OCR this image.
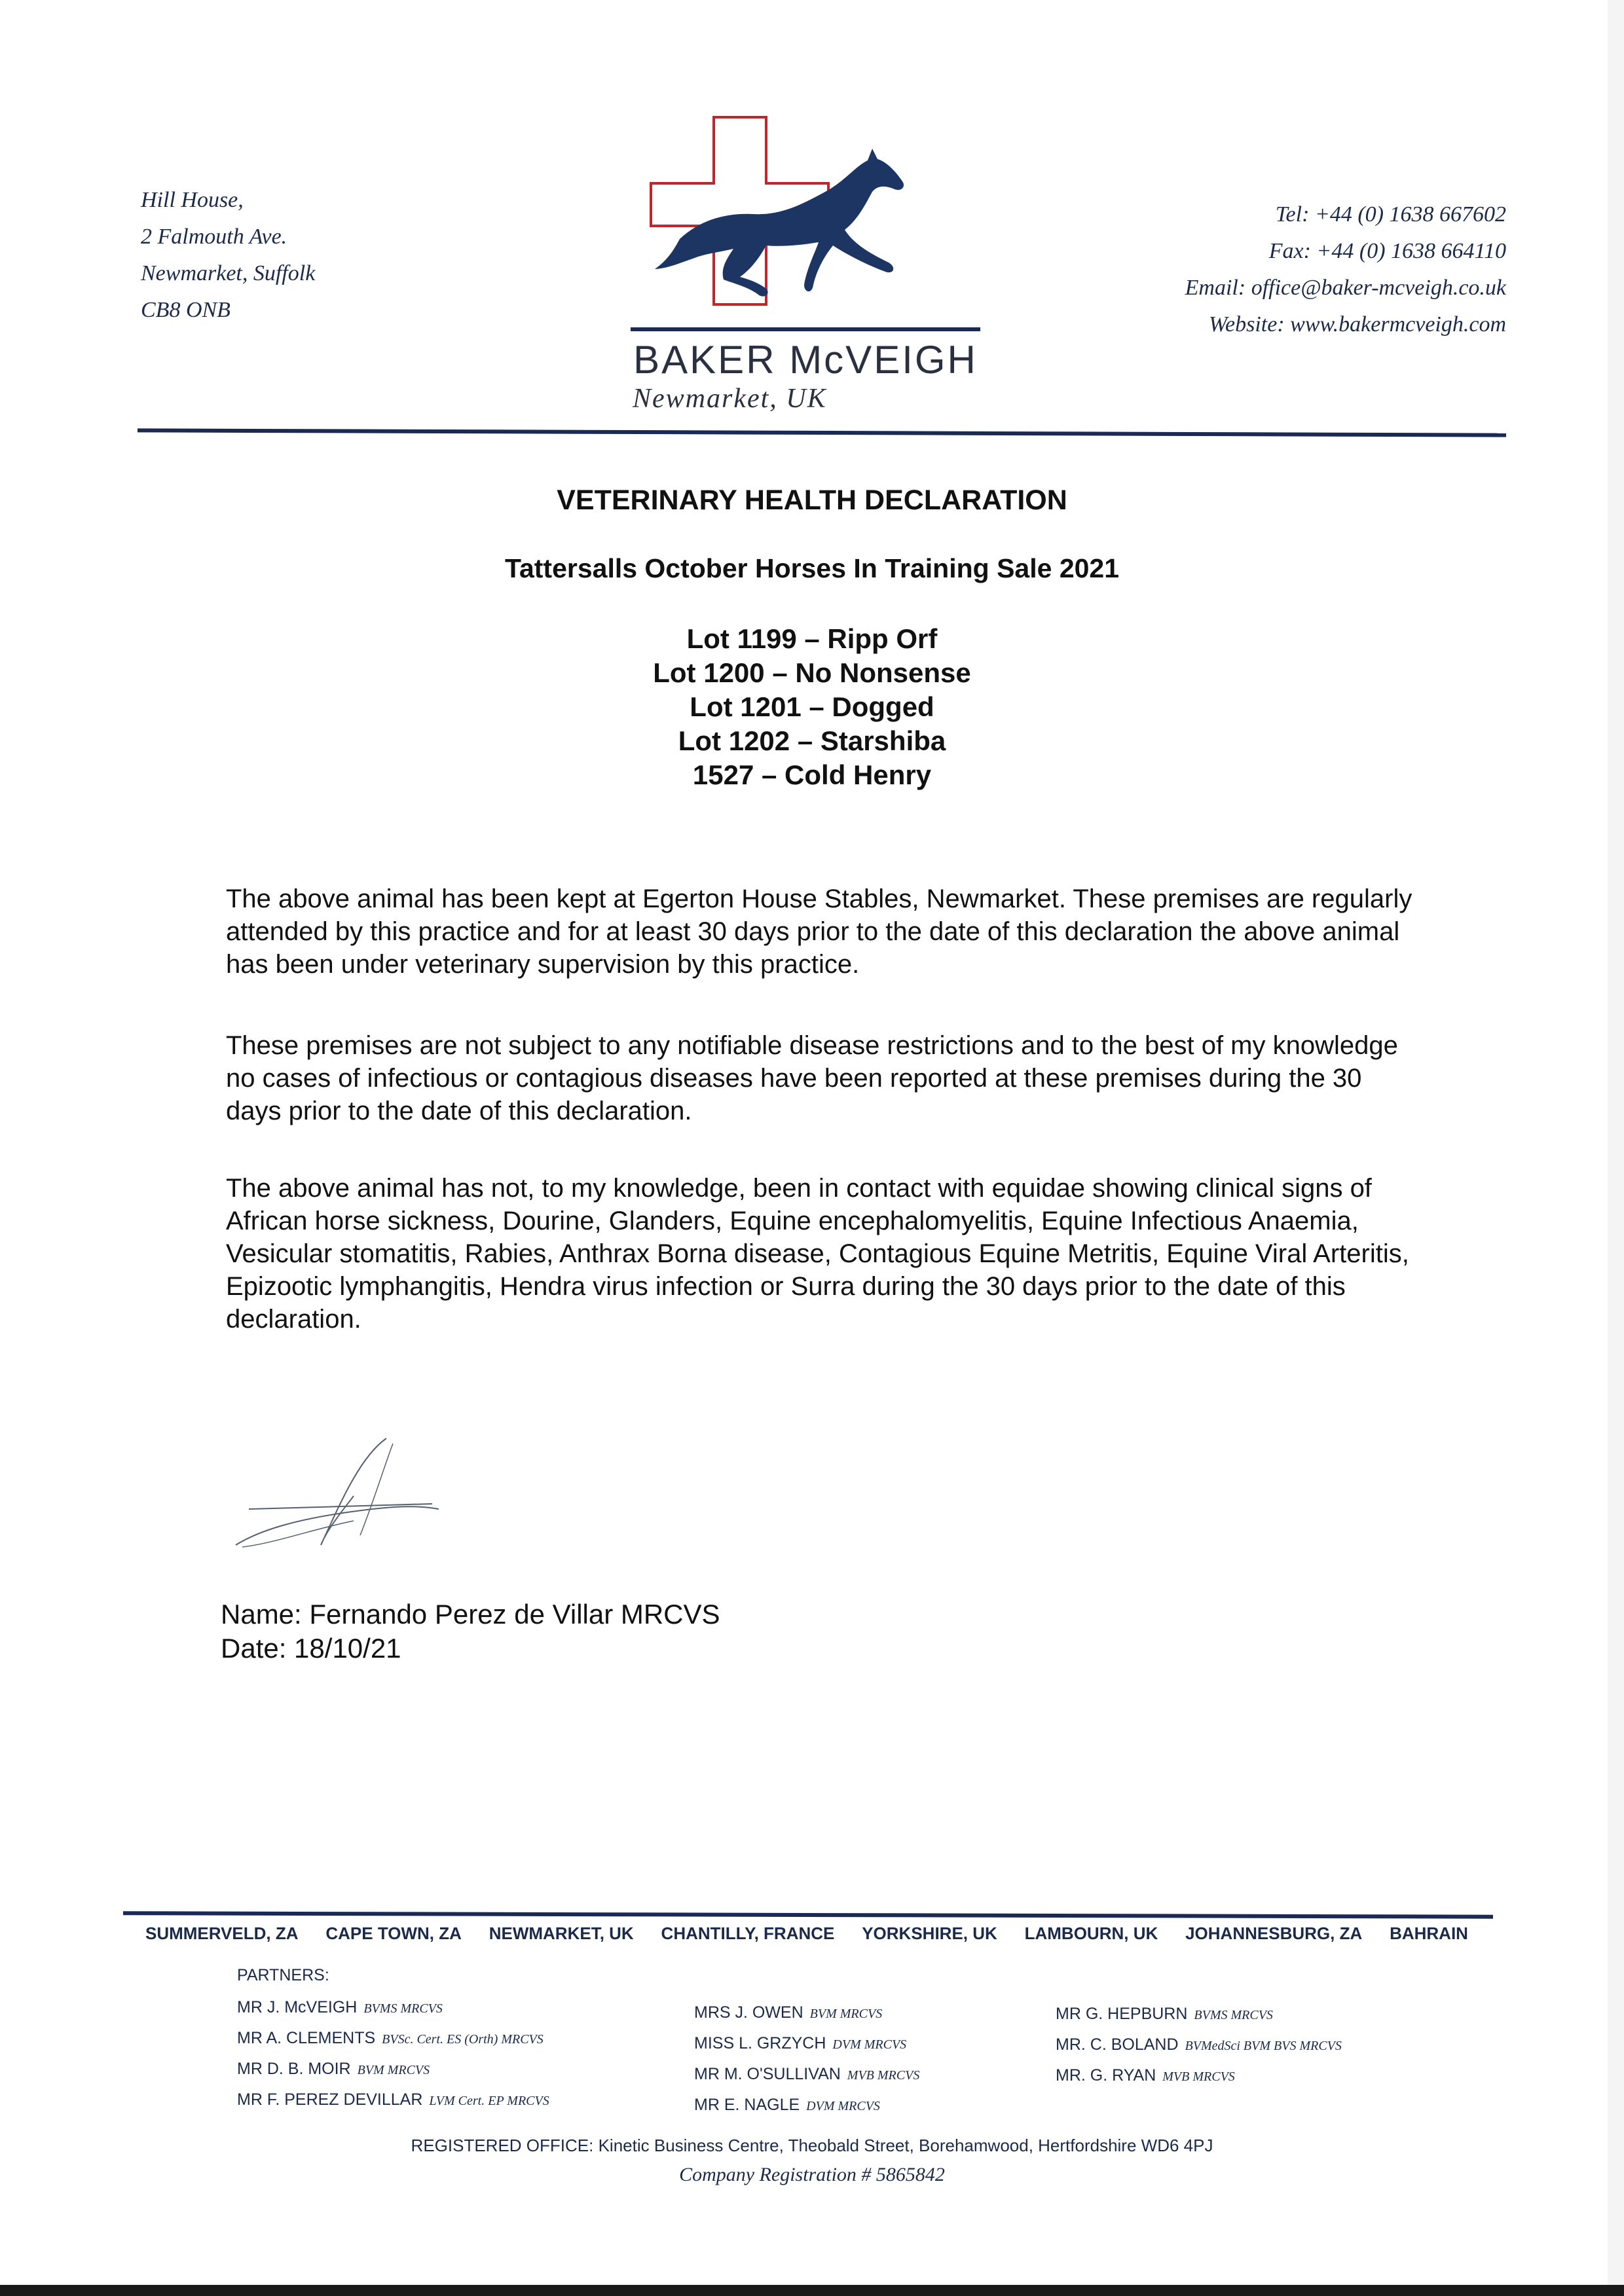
Hill House,
2 Falmouth Ave.
Newmarket, Suffolk
CB8 ONB
BAKER McVEIGH
Newmarket, UK
Tel: +44 (0) 1638 667602
Fax: +44 (0) 1638 664110
Email: office@baker-mcveigh.co.uk
Website: www.bakermcveigh.com
VETERINARY HEALTH DECLARATION
Tattersalls October Horses In Training Sale 2021
Lot 1199 – Ripp Orf
Lot 1200 – No Nonsense
Lot 1201 – Dogged
Lot 1202 – Starshiba
1527 – Cold Henry
The above animal has been kept at Egerton House Stables, Newmarket. These premises are regularly attended by this practice and for at least 30 days prior to the date of this declaration the above animal has been under veterinary supervision by this practice.
These premises are not subject to any notifiable disease restrictions and to the best of my knowledge no cases of infectious or contagious diseases have been reported at these premises during the 30 days prior to the date of this declaration.
The above animal has not, to my knowledge, been in contact with equidae showing clinical signs of African horse sickness, Dourine, Glanders, Equine encephalomyelitis, Equine Infectious Anaemia, Vesicular stomatitis, Rabies, Anthrax Borna disease, Contagious Equine Metritis, Equine Viral Arteritis, Epizootic lymphangitis, Hendra virus infection or Surra during the 30 days prior to the date of this declaration.
Name: Fernando Perez de Villar MRCVS
Date: 18/10/21
SUMMERVELD, ZA CAPE TOWN, ZA NEWMARKET, UK CHANTILLY, FRANCE YORKSHIRE, UK LAMBOURN, UK JOHANNESBURG, ZA BAHRAIN
PARTNERS:
MR J. McVEIGH BVMS MRCVS
MR A. CLEMENTS BVSc. Cert. ES (Orth) MRCVS
MR D. B. MOIR BVM MRCVS
MR F. PEREZ DEVILLAR LVM Cert. EP MRCVS
MRS J. OWEN BVM MRCVS
MISS L. GRZYCH DVM MRCVS
MR M. O'SULLIVAN MVB MRCVS
MR E. NAGLE DVM MRCVS
MR G. HEPBURN BVMS MRCVS
MR. C. BOLAND BVMedSci BVM BVS MRCVS
MR. G. RYAN MVB MRCVS
REGISTERED OFFICE: Kinetic Business Centre, Theobald Street, Borehamwood, Hertfordshire WD6 4PJ
Company Registration # 5865842
